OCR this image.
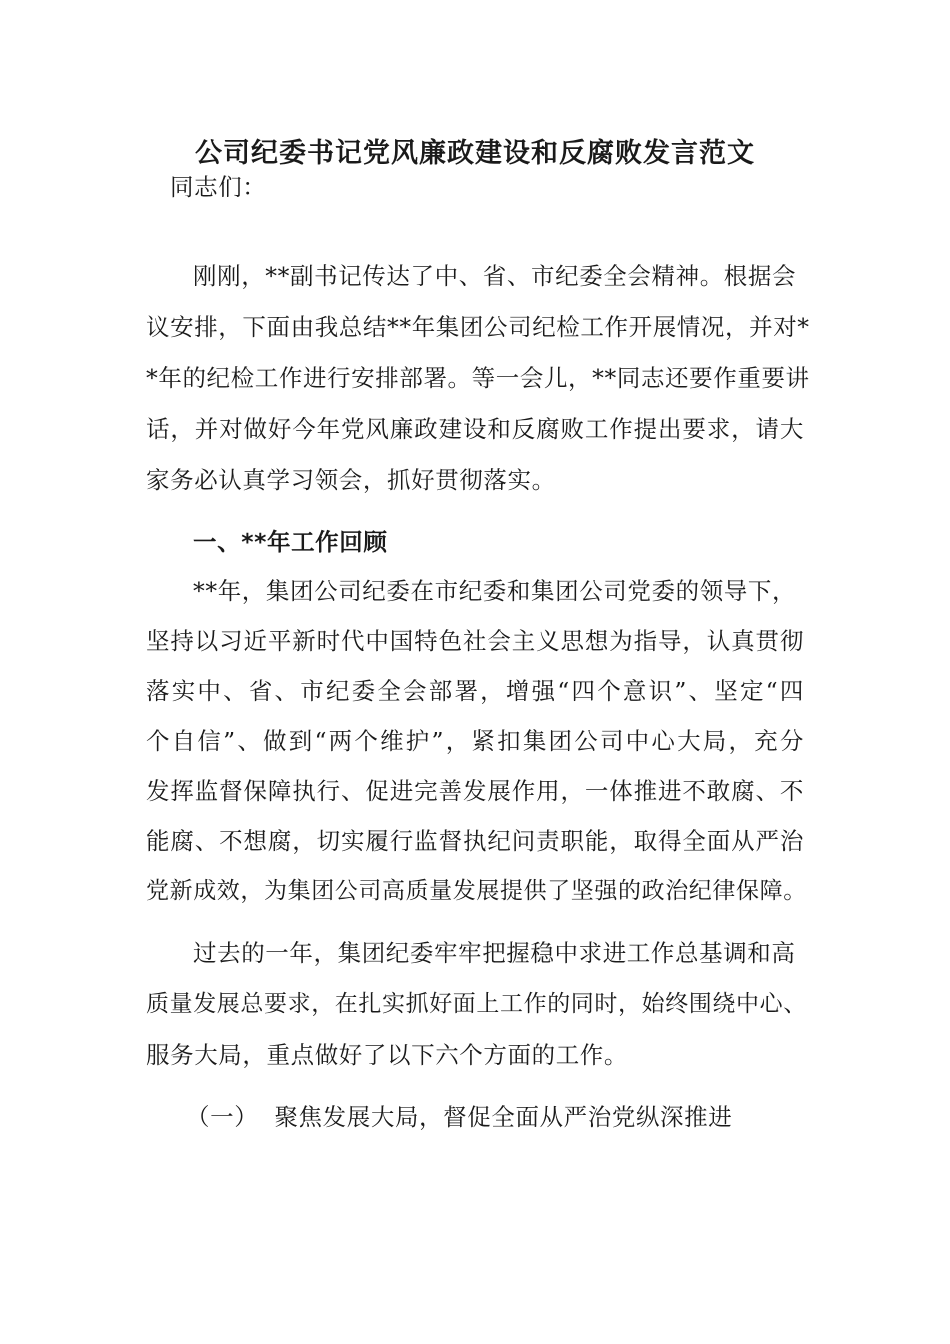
公司纪委书记党风廉政建设和反腐败发言范文
同志们：
刚刚，**副书记传达了中、省、市纪委全会精神。根据会
议安排，下面由我总结**年集团公司纪检工作开展情况，并对*
*年的纪检工作进行安排部署。等一会儿，**同志还要作重要讲
话，并对做好今年党风廉政建设和反腐败工作提出要求，请大
家务必认真学习领会，抓好贯彻落实。
一、**年工作回顾
**年，集团公司纪委在市纪委和集团公司党委的领导下，
坚持以习近平新时代中国特色社会主义思想为指导，认真贯彻
落实中、省、市纪委全会部署，增强“四个意识”、坚定“四
个自信”、做到“两个维护”，紧扣集团公司中心大局，充分
发挥监督保障执行、促进完善发展作用，一体推进不敢腐、不
能腐、不想腐，切实履行监督执纪问责职能，取得全面从严治
党新成效，为集团公司高质量发展提供了坚强的政治纪律保障。
过去的一年，集团纪委牢牢把握稳中求进工作总基调和高
质量发展总要求，在扎实抓好面上工作的同时，始终围绕中心、
服务大局，重点做好了以下六个方面的工作。
（一）  聚焦发展大局，督促全面从严治党纵深推进
